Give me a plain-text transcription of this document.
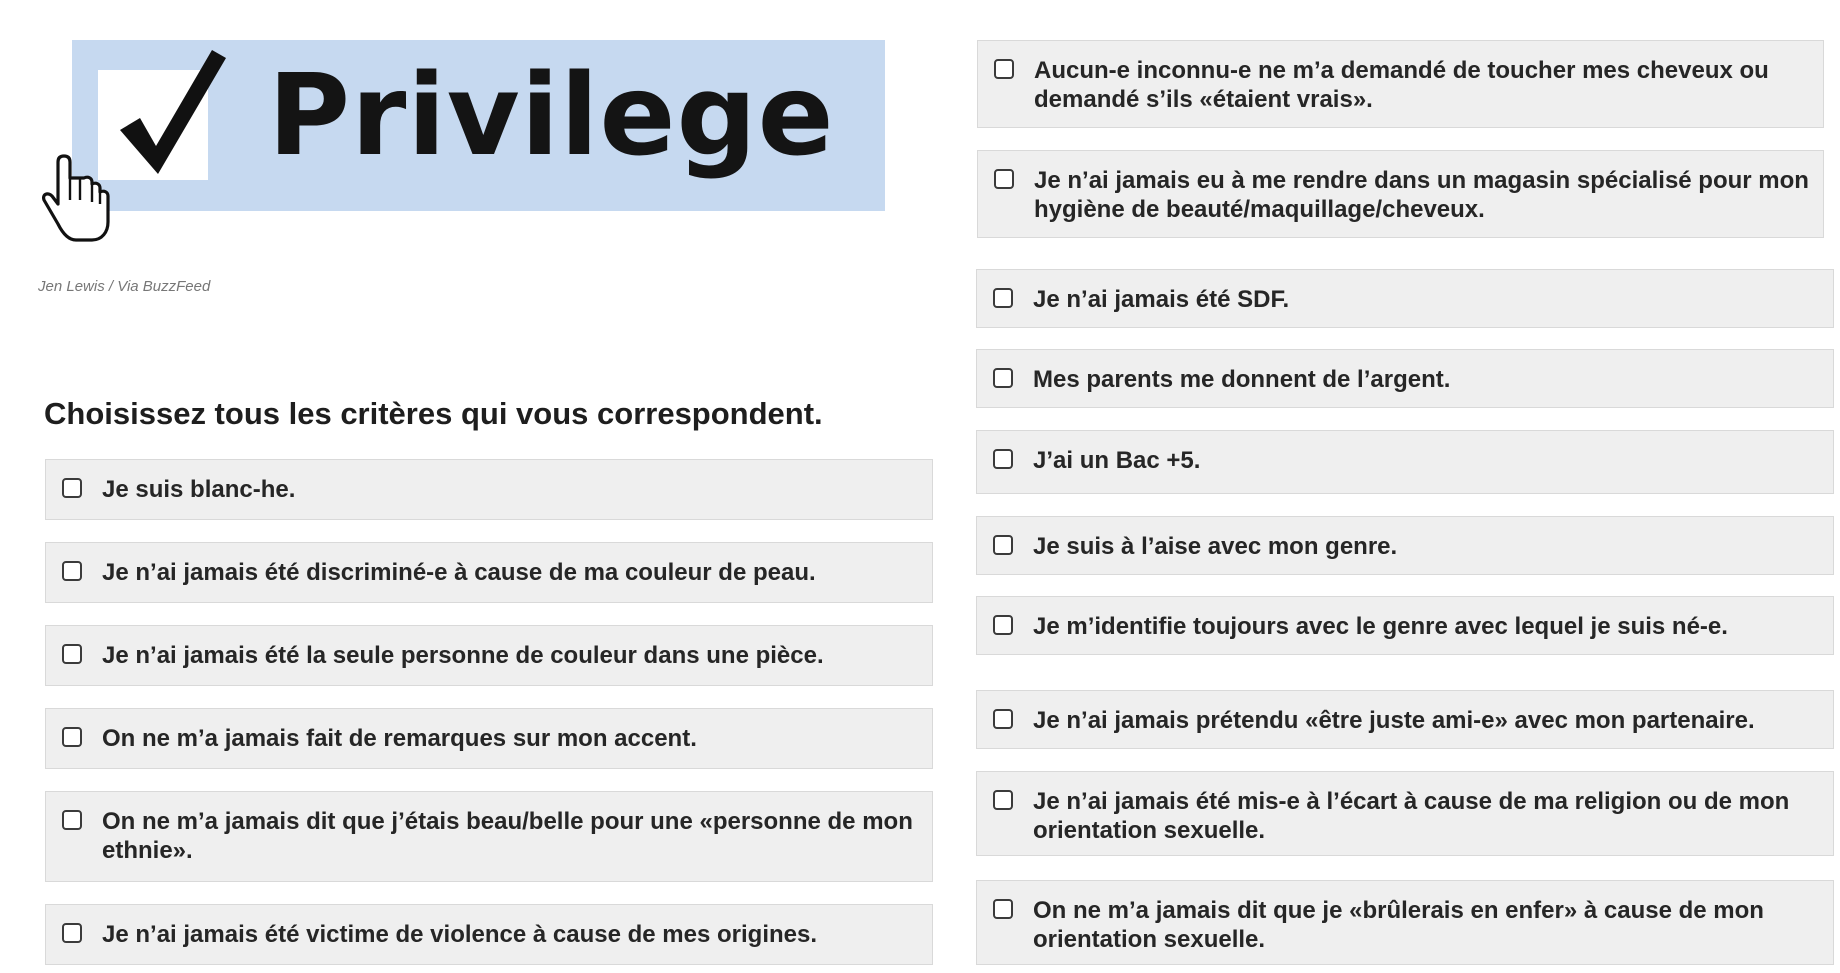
Privilege
Jen Lewis / Via BuzzFeed
Choisissez tous les critères qui vous correspondent.
Je suis blanc-he.
Je n’ai jamais été discriminé-e à cause de ma couleur de peau.
Je n’ai jamais été la seule personne de couleur dans une pièce.
On ne m’a jamais fait de remarques sur mon accent.
On ne m’a jamais dit que j’étais beau/belle pour une «personne de mon ethnie».
Je n’ai jamais été victime de violence à cause de mes origines.
Aucun-e inconnu-e ne m’a demandé de toucher mes cheveux ou demandé s’ils «étaient vrais».
Je n’ai jamais eu à me rendre dans un magasin spécialisé pour mon hygiène de beauté/maquillage/cheveux.
Je n’ai jamais été SDF.
Mes parents me donnent de l’argent.
J’ai un Bac +5.
Je suis à l’aise avec mon genre.
Je m’identifie toujours avec le genre avec lequel je suis né-e.
Je n’ai jamais prétendu «être juste ami-e» avec mon partenaire.
Je n’ai jamais été mis-e à l’écart à cause de ma religion ou de mon orientation sexuelle.
On ne m’a jamais dit que je «brûlerais en enfer» à cause de mon orientation sexuelle.
